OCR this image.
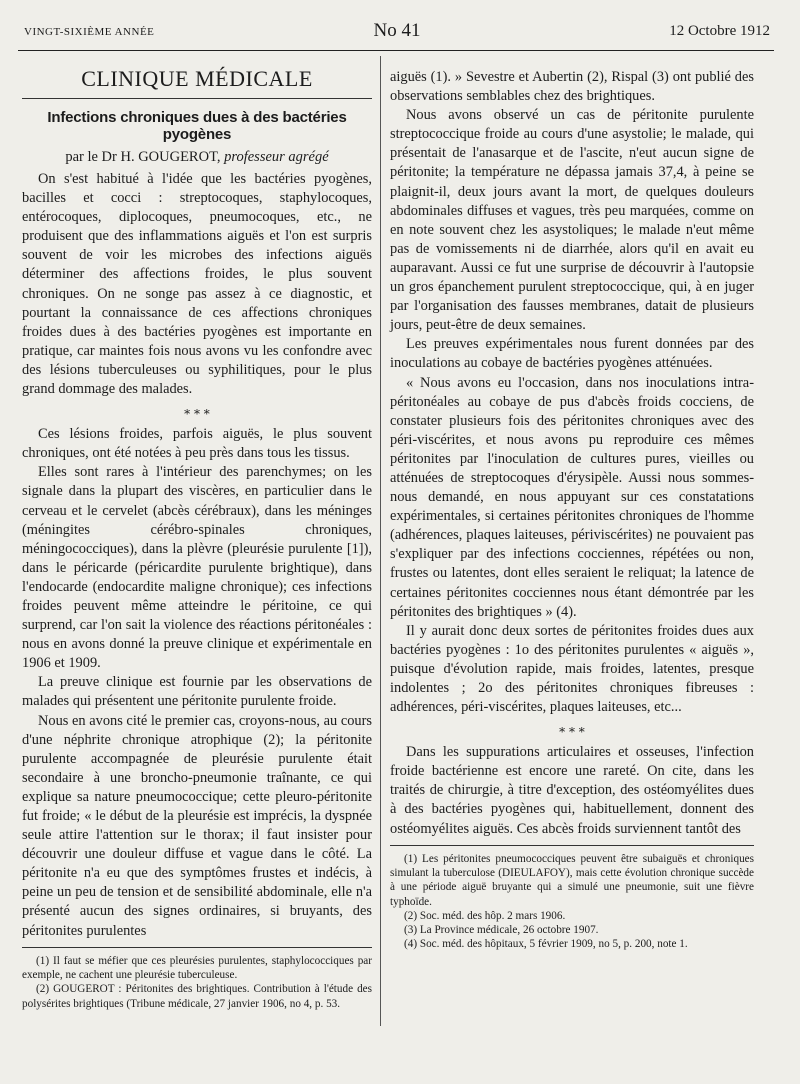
VINGT-SIXIÈME ANNÉE	No 41	12 Octobre 1912
CLINIQUE MÉDICALE
Infections chroniques dues à des bactéries pyogènes
par le Dr H. GOUGEROT, professeur agrégé

On s'est habitué à l'idée que les bactéries pyogènes, bacilles et cocci : streptocoques, staphylocoques, entérocoques, diplocoques, pneumocoques, etc., ne produisent que des inflammations aiguës et l'on est surpris souvent de voir les microbes des infections aiguës déterminer des affections froides, le plus souvent chroniques. On ne songe pas assez à ce diagnostic, et pourtant la connaissance de ces affections chroniques froides dues à des bactéries pyogènes est importante en pratique, car maintes fois nous avons vu les confondre avec des lésions tuberculeuses ou syphilitiques, pour le plus grand dommage des malades.

* * *

Ces lésions froides, parfois aiguës, le plus souvent chroniques, ont été notées à peu près dans tous les tissus.

Elles sont rares à l'intérieur des parenchymes; on les signale dans la plupart des viscères, en particulier dans le cerveau et le cervelet (abcès cérébraux), dans les méninges (méningites cérébro-spinales chroniques, méningococciques), dans la plèvre (pleurésie purulente [1]), dans le péricarde (péricardite purulente brightique), dans l'endocarde (endocardite maligne chronique); ces infections froides peuvent même atteindre le péritoine, ce qui surprend, car l'on sait la violence des réactions péritonéales : nous en avons donné la preuve clinique et expérimentale en 1906 et 1909.

La preuve clinique est fournie par les observations de malades qui présentent une péritonite purulente froide.

Nous en avons cité le premier cas, croyons-nous, au cours d'une néphrite chronique atrophique (2); la péritonite purulente accompagnée de pleurésie purulente était secondaire à une broncho-pneumonie traînante, ce qui explique sa nature pneumococcique; cette pleuro-péritonite fut froide; « le début de la pleurésie est imprécis, la dyspnée seule attire l'attention sur le thorax; il faut insister pour découvrir une douleur diffuse et vague dans le côté. La péritonite n'a eu que des symptômes frustes et indécis, à peine un peu de tension et de sensibilité abdominale, elle n'a présenté aucun des signes ordinaires, si bruyants, des péritonites purulentes

(1) Il faut se méfier que ces pleurésies purulentes, staphylococciques par exemple, ne cachent une pleurésie tuberculeuse.

(2) GOUGEROT : Péritonites des brightiques. Contribution à l'étude des polysérites brightiques (Tribune médicale, 27 janvier 1906, no 4, p. 53.

aiguës (1). » Sevestre et Aubertin (2), Rispal (3) ont publié des observations semblables chez des brightiques.

Nous avons observé un cas de péritonite purulente streptococcique froide au cours d'une asystolie; le malade, qui présentait de l'anasarque et de l'ascite, n'eut aucun signe de péritonite; la température ne dépassa jamais 37,4, à peine se plaignit-il, deux jours avant la mort, de quelques douleurs abdominales diffuses et vagues, très peu marquées, comme on en note souvent chez les asystoliques; le malade n'eut même pas de vomissements ni de diarrhée, alors qu'il en avait eu auparavant. Aussi ce fut une surprise de découvrir à l'autopsie un gros épanchement purulent streptococcique, qui, à en juger par l'organisation des fausses membranes, datait de plusieurs jours, peut-être de deux semaines.

Les preuves expérimentales nous furent données par des inoculations au cobaye de bactéries pyogènes atténuées.

« Nous avons eu l'occasion, dans nos inoculations intra-péritonéales au cobaye de pus d'abcès froids cocciens, de constater plusieurs fois des péritonites chroniques avec des péri-viscérites, et nous avons pu reproduire ces mêmes péritonites par l'inoculation de cultures pures, vieilles ou atténuées de streptocoques d'érysipèle. Aussi nous sommes-nous demandé, en nous appuyant sur ces constatations expérimentales, si certaines péritonites chroniques de l'homme (adhérences, plaques laiteuses, périviscérites) ne pouvaient pas s'expliquer par des infections cocciennes, répétées ou non, frustes ou latentes, dont elles seraient le reliquat; la latence de certaines péritonites cocciennes nous étant démontrée par les péritonites des brightiques » (4).

Il y aurait donc deux sortes de péritonites froides dues aux bactéries pyogènes : 1o des péritonites purulentes « aiguës », puisque d'évolution rapide, mais froides, latentes, presque indolentes ; 2o des péritonites chroniques fibreuses : adhérences, péri-viscérites, plaques laiteuses, etc...

* * *

Dans les suppurations articulaires et osseuses, l'infection froide bactérienne est encore une rareté. On cite, dans les traités de chirurgie, à titre d'exception, des ostéomyélites dues à des bactéries pyogènes qui, habituellement, donnent des ostéomyélites aiguës. Ces abcès froids surviennent tantôt des

(1) Les péritonites pneumococciques peuvent être subaiguës et chroniques simulant la tuberculose (DIEULAFOY), mais cette évolution chronique succède à une période aiguë bruyante qui a simulé une pneumonie, suit une fièvre typhoïde.

(2) Soc. méd. des hôp. 2 mars 1906.

(3) La Province médicale, 26 octobre 1907.

(4) Soc. méd. des hôpitaux, 5 février 1909, no 5, p. 200, note 1.
